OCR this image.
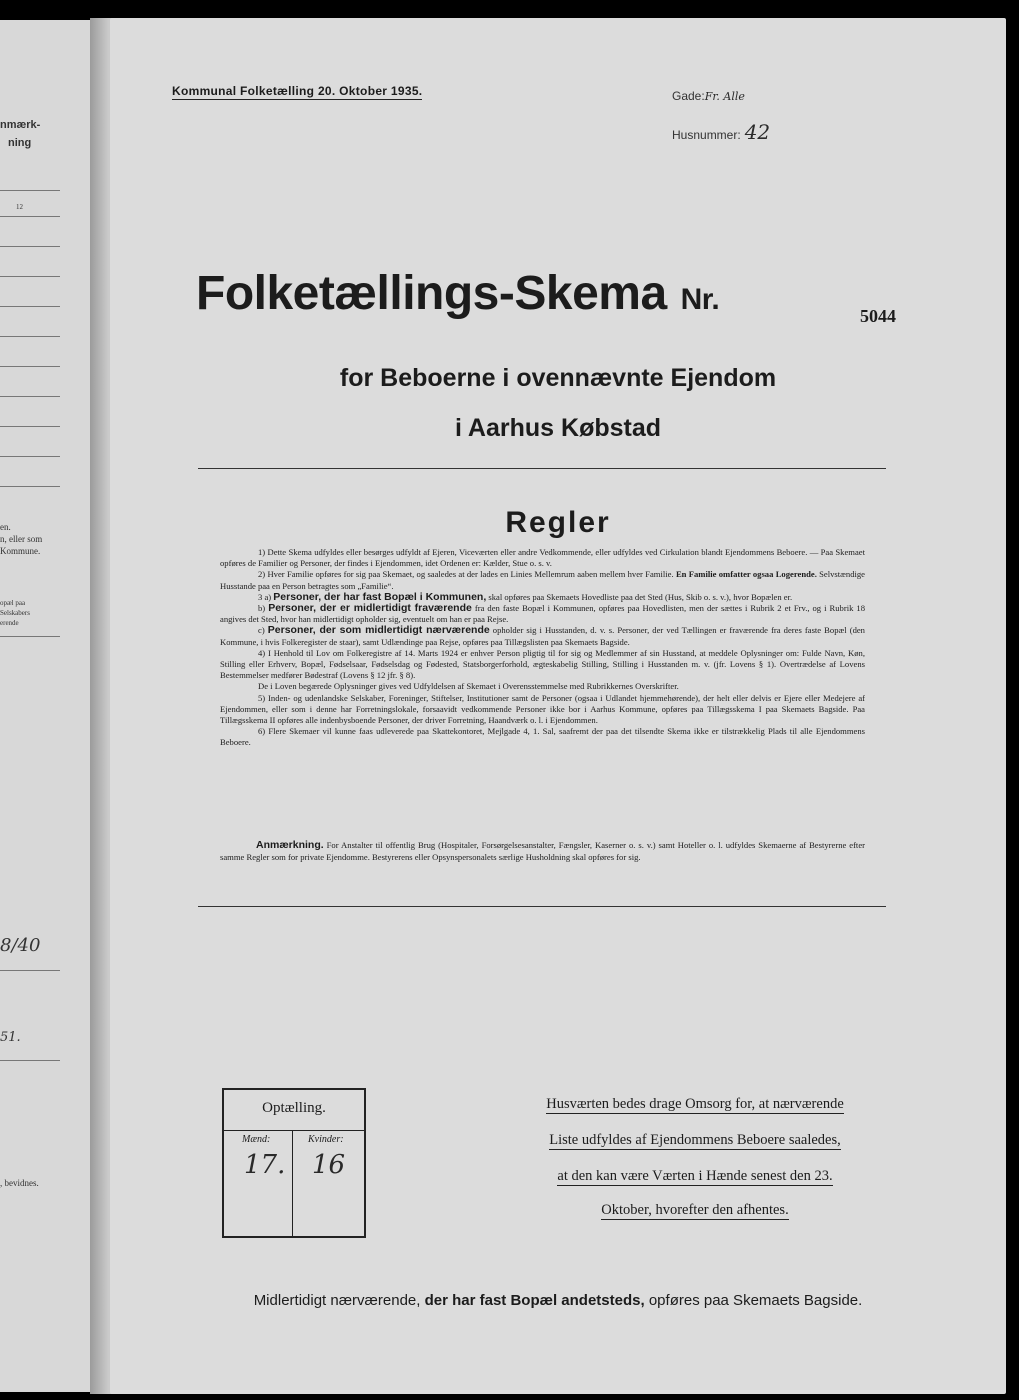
nmærk-
ning
12
en.
n, eller som
Kommune.
opæl paa
Selskabers
erende
8/40
51.
, bevidnes.
Kommunal Folketælling 20. Oktober 1935.	Gade:Fr. Alle
Husnummer: 42
Folketællings-Skema Nr.	5044
for Beboerne i ovennævnte Ejendom
i Aarhus Købstad
Regler

1) Dette Skema udfyldes eller besørges udfyldt af Ejeren, Viceværten eller andre Vedkommende, eller udfyldes ved Cirkulation blandt Ejendommens Beboere. — Paa Skemaet opføres de Familier og Personer, der findes i Ejendommen, idet Ordenen er: Kælder, Stue o. s. v.

2) Hver Familie opføres for sig paa Skemaet, og saaledes at der lades en Linies Mellemrum aaben mellem hver Familie. En Familie omfatter ogsaa Logerende. Selvstændige Husstande paa en Person betragtes som „Familie“.

3 a) Personer, der har fast Bopæl i Kommunen, skal opføres paa Skemaets Hovedliste paa det Sted (Hus, Skib o. s. v.), hvor Bopælen er.

b) Personer, der er midlertidigt fraværende fra den faste Bopæl i Kommunen, opføres paa Hovedlisten, men der sættes i Rubrik 2 et Frv., og i Rubrik 18 angives det Sted, hvor han midlertidigt opholder sig, eventuelt om han er paa Rejse.

c) Personer, der som midlertidigt nærværende opholder sig i Husstanden, d. v. s. Personer, der ved Tællingen er fraværende fra deres faste Bopæl (den Kommune, i hvis Folkeregister de staar), samt Udlændinge paa Rejse, opføres paa Tillægslisten paa Skemaets Bagside.

4) I Henhold til Lov om Folkeregistre af 14. Marts 1924 er enhver Person pligtig til for sig og Medlemmer af sin Husstand, at meddele Oplysninger om: Fulde Navn, Køn, Stilling eller Erhverv, Bopæl, Fødselsaar, Fødselsdag og Fødested, Statsborgerforhold, ægteskabelig Stilling, Stilling i Husstanden m. v. (jfr. Lovens § 1). Overtrædelse af Lovens Bestemmelser medfører Bødestraf (Lovens § 12 jfr. § 8).

De i Loven begærede Oplysninger gives ved Udfyldelsen af Skemaet i Overensstemmelse med Rubrikkernes Overskrifter.

5) Inden- og udenlandske Selskaber, Foreninger, Stiftelser, Institutioner samt de Personer (ogsaa i Udlandet hjemmehørende), der helt eller delvis er Ejere eller Medejere af Ejendommen, eller som i denne har Forretningslokale, forsaavidt vedkommende Personer ikke bor i Aarhus Kommune, opføres paa Tillægsskema I paa Skemaets Bagside. Paa Tillægsskema II opføres alle indenbysboende Personer, der driver Forretning, Haandværk o. l. i Ejendommen.

6) Flere Skemaer vil kunne faas udleverede paa Skattekontoret, Mejlgade 4, 1. Sal, saafremt der paa det tilsendte Skema ikke er tilstrækkelig Plads til alle Ejendommens Beboere.

Anmærkning. For Anstalter til offentlig Brug (Hospitaler, Forsørgelsesanstalter, Fængsler, Kaserner o. s. v.) samt Hoteller o. l. udfyldes Skemaerne af Bestyrerne efter samme Regler som for private Ejendomme. Bestyrerens eller Opsynspersonalets særlige Husholdning skal opføres for sig.
Optælling.
Mænd:	Kvinder:
17. 16
Husværten bedes drage Omsorg for, at nærværende
Liste udfyldes af Ejendommens Beboere saaledes,
at den kan være Værten i Hænde senest den 23.
Oktober, hvorefter den afhentes.
Midlertidigt nærværende, der har fast Bopæl andetsteds, opføres paa Skemaets Bagside.
